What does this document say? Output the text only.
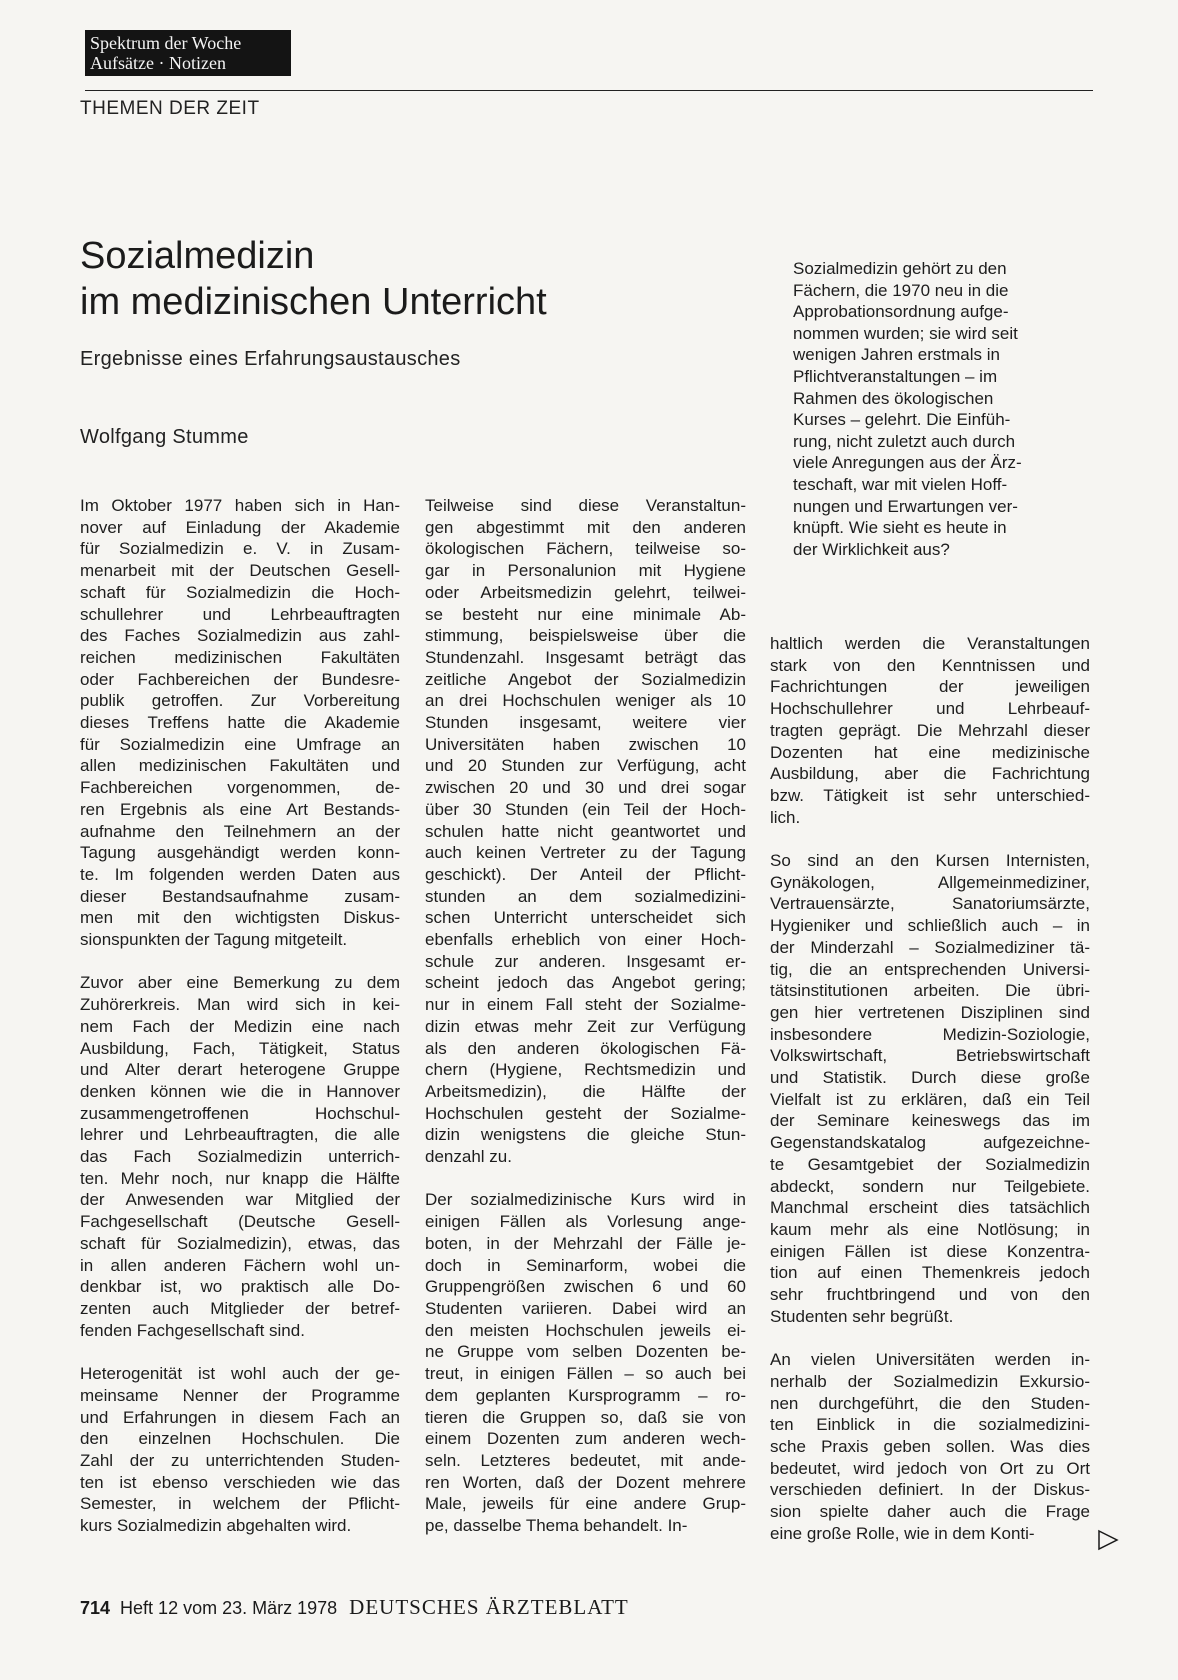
Spektrum der Woche
Aufsätze · Notizen
THEMEN DER ZEIT
Sozialmedizin
im medizinischen Unterricht
Ergebnisse eines Erfahrungsaustausches
Wolfgang Stumme
Sozialmedizin gehört zu den
Fächern, die 1970 neu in die
Approbationsordnung aufge-
nommen wurden; sie wird seit
wenigen Jahren erstmals in
Pflichtveranstaltungen – im
Rahmen des ökologischen
Kurses – gelehrt. Die Einfüh-
rung, nicht zuletzt auch durch
viele Anregungen aus der Ärz-
teschaft, war mit vielen Hoff-
nungen und Erwartungen ver-
knüpft. Wie sieht es heute in
der Wirklichkeit aus?
Im Oktober 1977 haben sich in Han-
nover auf Einladung der Akademie
für Sozialmedizin e. V. in Zusam-
menarbeit mit der Deutschen Gesell-
schaft für Sozialmedizin die Hoch-
schullehrer und Lehrbeauftragten
des Faches Sozialmedizin aus zahl-
reichen medizinischen Fakultäten
oder Fachbereichen der Bundesre-
publik getroffen. Zur Vorbereitung
dieses Treffens hatte die Akademie
für Sozialmedizin eine Umfrage an
allen medizinischen Fakultäten und
Fachbereichen vorgenommen, de-
ren Ergebnis als eine Art Bestands-
aufnahme den Teilnehmern an der
Tagung ausgehändigt werden konn-
te. Im folgenden werden Daten aus
dieser Bestandsaufnahme zusam-
men mit den wichtigsten Diskus-
sionspunkten der Tagung mitgeteilt.
Zuvor aber eine Bemerkung zu dem
Zuhörerkreis. Man wird sich in kei-
nem Fach der Medizin eine nach
Ausbildung, Fach, Tätigkeit, Status
und Alter derart heterogene Gruppe
denken können wie die in Hannover
zusammengetroffenen Hochschul-
lehrer und Lehrbeauftragten, die alle
das Fach Sozialmedizin unterrich-
ten. Mehr noch, nur knapp die Hälfte
der Anwesenden war Mitglied der
Fachgesellschaft (Deutsche Gesell-
schaft für Sozialmedizin), etwas, das
in allen anderen Fächern wohl un-
denkbar ist, wo praktisch alle Do-
zenten auch Mitglieder der betref-
fenden Fachgesellschaft sind.
Heterogenität ist wohl auch der ge-
meinsame Nenner der Programme
und Erfahrungen in diesem Fach an
den einzelnen Hochschulen. Die
Zahl der zu unterrichtenden Studen-
ten ist ebenso verschieden wie das
Semester, in welchem der Pflicht-
kurs Sozialmedizin abgehalten wird.
Teilweise sind diese Veranstaltun-
gen abgestimmt mit den anderen
ökologischen Fächern, teilweise so-
gar in Personalunion mit Hygiene
oder Arbeitsmedizin gelehrt, teilwei-
se besteht nur eine minimale Ab-
stimmung, beispielsweise über die
Stundenzahl. Insgesamt beträgt das
zeitliche Angebot der Sozialmedizin
an drei Hochschulen weniger als 10
Stunden insgesamt, weitere vier
Universitäten haben zwischen 10
und 20 Stunden zur Verfügung, acht
zwischen 20 und 30 und drei sogar
über 30 Stunden (ein Teil der Hoch-
schulen hatte nicht geantwortet und
auch keinen Vertreter zu der Tagung
geschickt). Der Anteil der Pflicht-
stunden an dem sozialmedizini-
schen Unterricht unterscheidet sich
ebenfalls erheblich von einer Hoch-
schule zur anderen. Insgesamt er-
scheint jedoch das Angebot gering;
nur in einem Fall steht der Sozialme-
dizin etwas mehr Zeit zur Verfügung
als den anderen ökologischen Fä-
chern (Hygiene, Rechtsmedizin und
Arbeitsmedizin), die Hälfte der
Hochschulen gesteht der Sozialme-
dizin wenigstens die gleiche Stun-
denzahl zu.
Der sozialmedizinische Kurs wird in
einigen Fällen als Vorlesung ange-
boten, in der Mehrzahl der Fälle je-
doch in Seminarform, wobei die
Gruppengrößen zwischen 6 und 60
Studenten variieren. Dabei wird an
den meisten Hochschulen jeweils ei-
ne Gruppe vom selben Dozenten be-
treut, in einigen Fällen – so auch bei
dem geplanten Kursprogramm – ro-
tieren die Gruppen so, daß sie von
einem Dozenten zum anderen wech-
seln. Letzteres bedeutet, mit ande-
ren Worten, daß der Dozent mehrere
Male, jeweils für eine andere Grup-
pe, dasselbe Thema behandelt. In-
haltlich werden die Veranstaltungen
stark von den Kenntnissen und
Fachrichtungen der jeweiligen
Hochschullehrer und Lehrbeauf-
tragten geprägt. Die Mehrzahl dieser
Dozenten hat eine medizinische
Ausbildung, aber die Fachrichtung
bzw. Tätigkeit ist sehr unterschied-
lich.
So sind an den Kursen Internisten,
Gynäkologen, Allgemeinmediziner,
Vertrauensärzte, Sanatoriumsärzte,
Hygieniker und schließlich auch – in
der Minderzahl – Sozialmediziner tä-
tig, die an entsprechenden Universi-
tätsinstitutionen arbeiten. Die übri-
gen hier vertretenen Disziplinen sind
insbesondere Medizin-Soziologie,
Volkswirtschaft, Betriebswirtschaft
und Statistik. Durch diese große
Vielfalt ist zu erklären, daß ein Teil
der Seminare keineswegs das im
Gegenstandskatalog aufgezeichne-
te Gesamtgebiet der Sozialmedizin
abdeckt, sondern nur Teilgebiete.
Manchmal erscheint dies tatsächlich
kaum mehr als eine Notlösung; in
einigen Fällen ist diese Konzentra-
tion auf einen Themenkreis jedoch
sehr fruchtbringend und von den
Studenten sehr begrüßt.
An vielen Universitäten werden in-
nerhalb der Sozialmedizin Exkursio-
nen durchgeführt, die den Studen-
ten Einblick in die sozialmedizini-
sche Praxis geben sollen. Was dies
bedeutet, wird jedoch von Ort zu Ort
verschieden definiert. In der Diskus-
sion spielte daher auch die Frage
eine große Rolle, wie in dem Konti-
714 Heft 12 vom 23. März 1978 DEUTSCHES ÄRZTEBLATT
